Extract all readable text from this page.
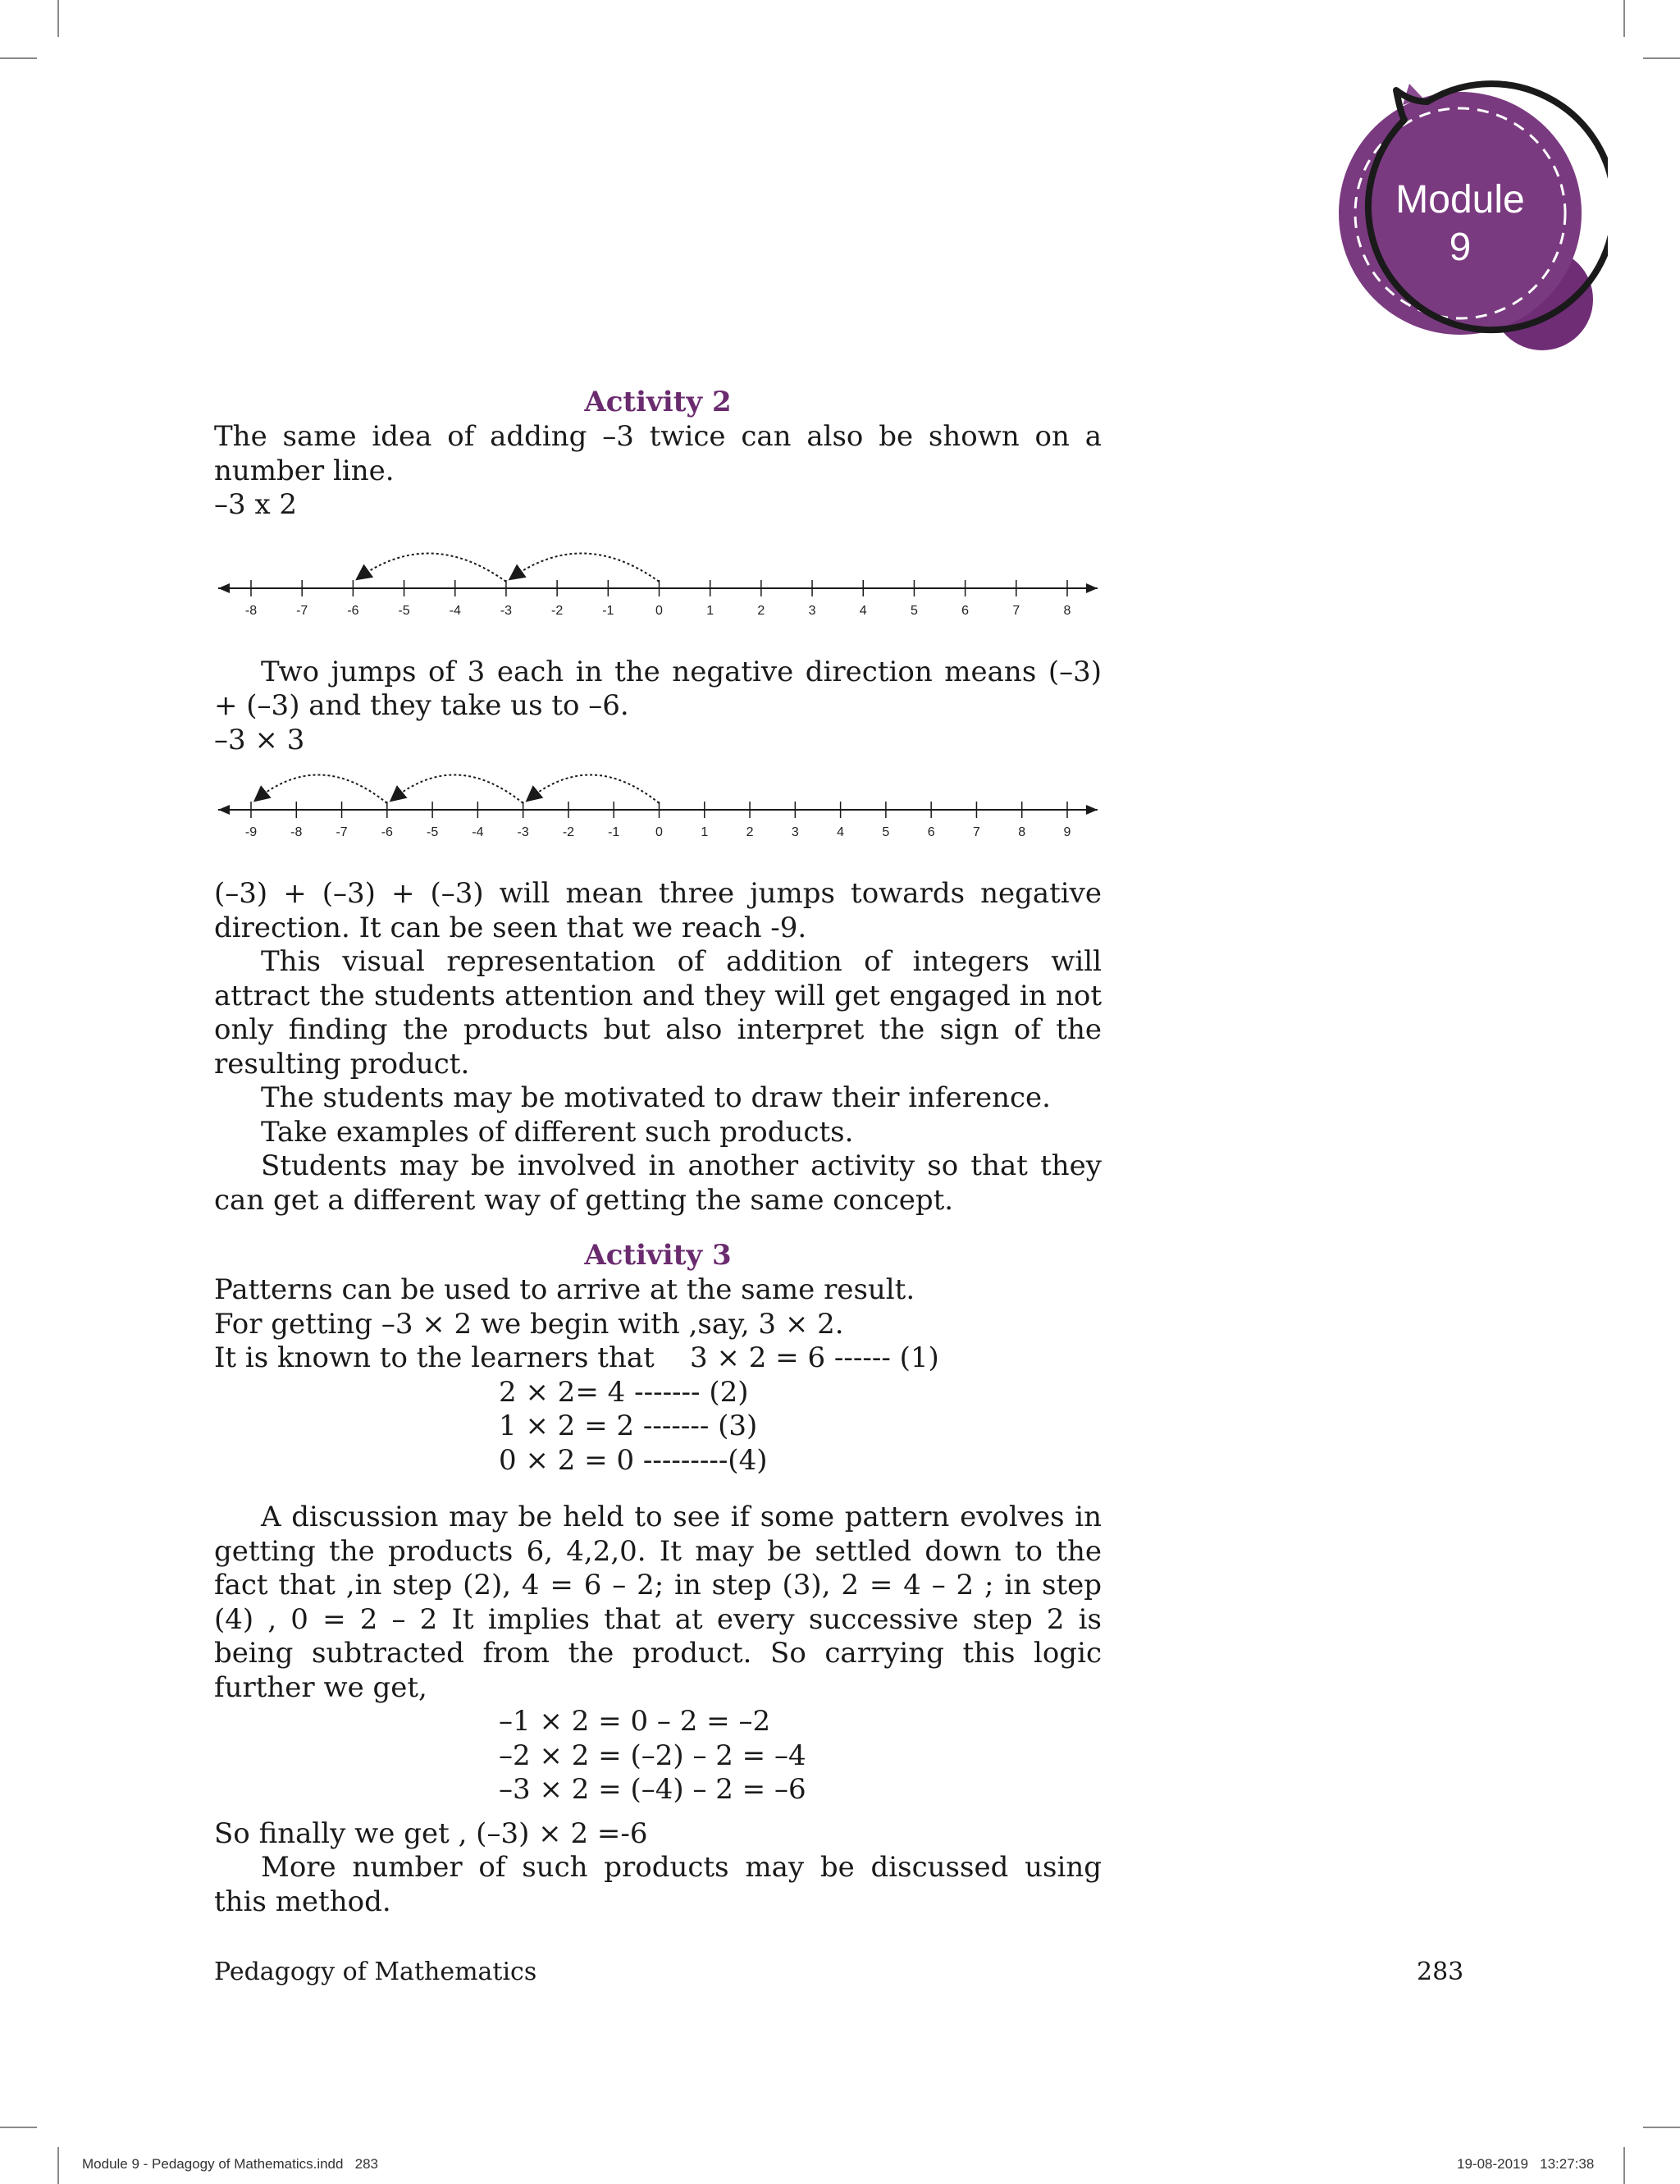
Module
9
Activity 2

The same idea of adding –3 twice can also be shown on a number line.

–3 x 2

-8	-7	-6	-5	-4	-3	-2	-1	0	1	2	3	4	5	6	7	8

Two jumps of 3 each in the negative direction means (–3) + (–3) and they take us to –6.

–3 × 3

-9	-8	-7	-6	-5	-4	-3	-2	-1	0	1	2	3	4	5	6	7	8	9

(–3) + (–3) + (–3) will mean three jumps towards negative direction. It can be seen that we reach -9.

This visual representation of addition of integers will attract the students attention and they will get engaged in not only finding the products but also interpret the sign of the resulting product.

The students may be motivated to draw their inference.

Take examples of different such products.

Students may be involved in another activity so that they can get a different way of getting the same concept.

Activity 3

Patterns can be used to arrive at the same result.

For getting –3 × 2 we begin with ,say, 3 × 2.

It is known to the learners that    3 × 2 = 6 ------ (1)

2 × 2= 4 ------- (2)
1 × 2 = 2 ------- (3)
0 × 2 = 0 ---------(4)

A discussion may be held to see if some pattern evolves in getting the products 6, 4,2,0. It may be settled down to the fact that ,in step (2), 4 = 6 – 2; in step (3), 2 = 4 – 2 ; in step (4) , 0 = 2 – 2 It implies that at every successive step 2 is being subtracted from the product. So carrying this logic further we get,

–1 × 2 = 0 – 2 = –2
–2 × 2 = (–2) – 2 = –4
–3 × 2 = (–4) – 2 = –6

So finally we get , (–3) × 2 =-6

More number of such products may be discussed using this method.

Pedagogy of Mathematics	283
Module 9 - Pedagogy of Mathematics.indd   283	19-08-2019   13:27:38
